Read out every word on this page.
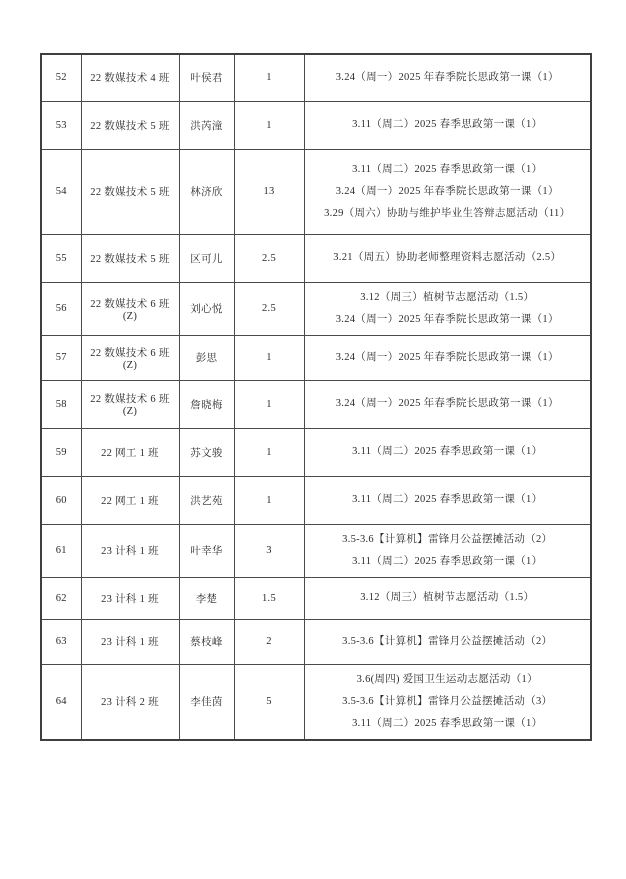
52	22 数媒技术 4 班	叶侯君	1	3.24（周一）2025 年春季院长思政第一课（1）

53	22 数媒技术 5 班	洪芮潼	1	3.11（周二）2025 春季思政第一课（1）

54	22 数媒技术 5 班	林济欣	13	3.11（周二）2025 春季思政第一课（1）
3.24（周一）2025 年春季院长思政第一课（1）
3.29（周六）协助与维护毕业生答辩志愿活动（11）

55	22 数媒技术 5 班	区可儿	2.5	3.21（周五）协助老师整理资料志愿活动（2.5）

56	22 数媒技术 6 班(Z)	刘心悦	2.5	3.12（周三）植树节志愿活动（1.5）
3.24（周一）2025 年春季院长思政第一课（1）

57	22 数媒技术 6 班(Z)	彭思	1	3.24（周一）2025 年春季院长思政第一课（1）

58	22 数媒技术 6 班(Z)	詹晓梅	1	3.24（周一）2025 年春季院长思政第一课（1）

59	22 网工 1 班	苏文骏	1	3.11（周二）2025 春季思政第一课（1）

60	22 网工 1 班	洪艺苑	1	3.11（周二）2025 春季思政第一课（1）

61	23 计科 1 班	叶幸华	3	3.5-3.6【计算机】雷锋月公益摆摊活动（2）
3.11（周二）2025 春季思政第一课（1）

62	23 计科 1 班	李楚	1.5	3.12（周三）植树节志愿活动（1.5）

63	23 计科 1 班	蔡枝峰	2	3.5-3.6【计算机】雷锋月公益摆摊活动（2）

64	23 计科 2 班	李佳茵	5	3.6(周四) 爱国卫生运动志愿活动（1）
3.5-3.6【计算机】雷锋月公益摆摊活动（3）
3.11（周二）2025 春季思政第一课（1）
